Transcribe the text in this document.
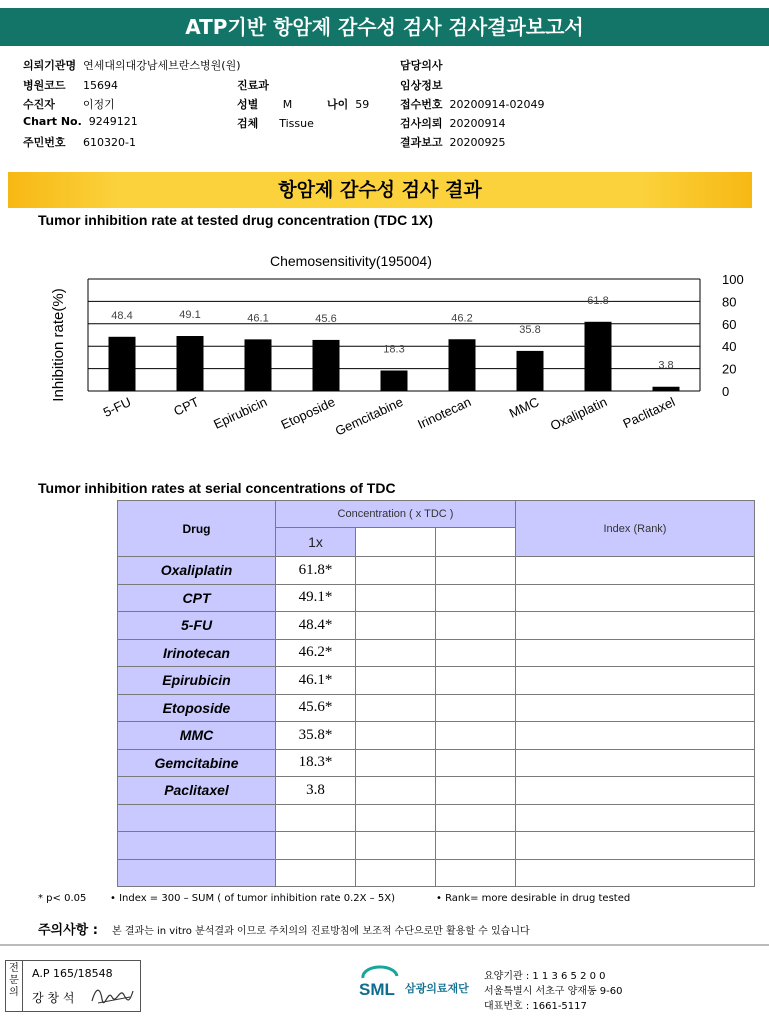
ATP기반 항암제 감수성 검사 검사결과보고서
의뢰기관명 연세대의대강남세브란스병원(원)
병원코드 15694
수진자	이정기
Chart No. 9249121
주민번호 610320-1
진료과
성별 M	나이 59
검체 Tissue
담당의사
임상정보
접수번호 20200914-02049
검사의뢰 20200914
결과보고 20200925
항암제 감수성 검사 결과
Tumor inhibition rate at tested drug concentration (TDC 1X)
Chemosensitivity(195004)
48.4	49.1	46.1	45.6
18.3
46.2
35.8
61.8
3.8
100
80
60
40
20
0
5-FU	CPT Epirubicin Etoposide
Gemcitabine Irinotecan	MMC Oxaliplatin Paclitaxel
Inhibition rate(%)
Tumor inhibition rates at serial concentrations of TDC
Drug	Concentration ( x TDC )			Index (Rank)
	1x			
Oxaliplatin	61.8*			
CPT	49.1*			
5-FU	48.4*			
Irinotecan	46.2*			
Epirubicin	46.1*			
Etoposide	45.6*			
MMC	35.8*			
Gemcitabine	18.3*			
Paclitaxel	3.8			

* p< 0.05 • Index = 300 – SUM ( of tumor inhibition rate 0.2X – 5X)	• Rank= more desirable in drug tested
주의사항 : 본 결과는 in vitro 분석결과 이므로 주치의의 진료방침에 보조적 수단으로만 활용할 수 있습니다
전문의
A.P 165/18548
강 창 석	SML 삼광의료재단
요양기관 : 1 1 3 6 5 2 0 0
서울특별시 서초구 양재동 9-60
대표번호 : 1661-5117
